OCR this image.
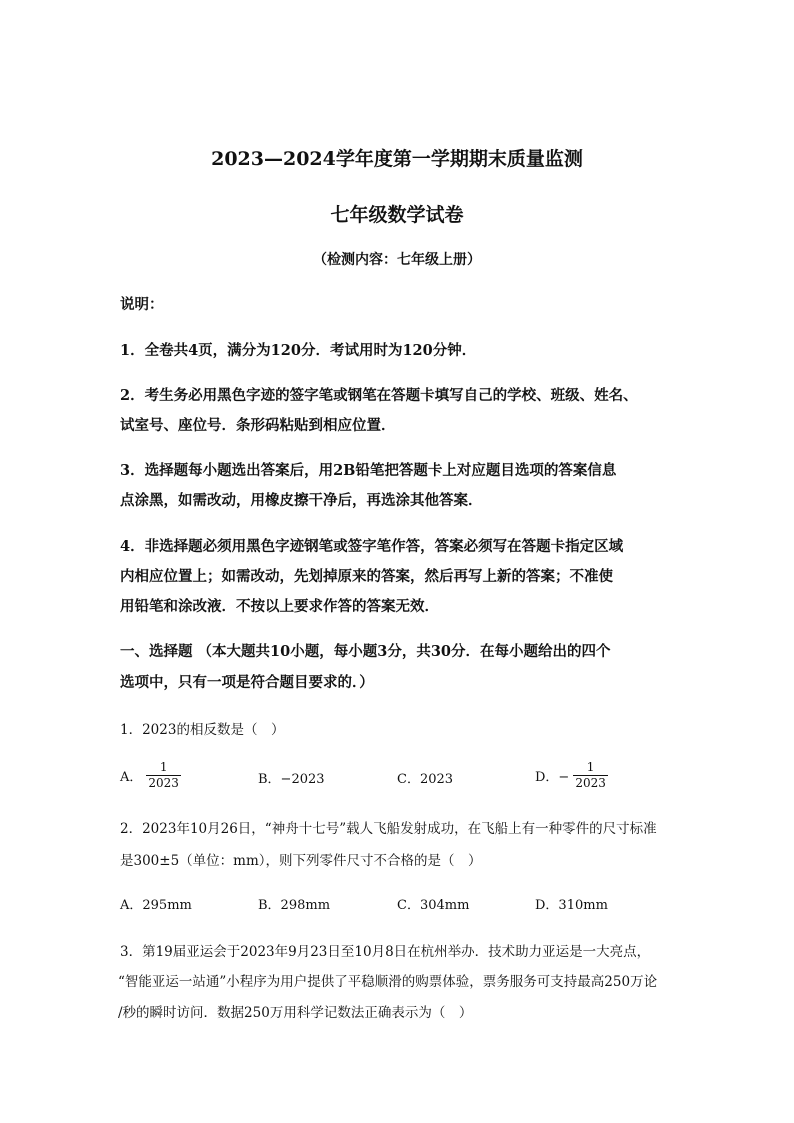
2023—2024学年度第一学期期末质量监测
七年级数学试卷
（检测内容：七年级上册）
说明：
1．全卷共4页，满分为120分．考试用时为120分钟．
2．考生务必用黑色字迹的签字笔或钢笔在答题卡填写自己的学校、班级、姓名、
试室号、座位号．条形码粘贴到相应位置．
3．选择题每小题选出答案后，用2B铅笔把答题卡上对应题目选项的答案信息
点涂黑，如需改动，用橡皮擦干净后，再选涂其他答案．
4．非选择题必须用黑色字迹钢笔或签字笔作答，答案必须写在答题卡指定区域
内相应位置上；如需改动，先划掉原来的答案，然后再写上新的答案；不准使
用铅笔和涂改液．不按以上要求作答的答案无效．
一、选择题 （本大题共10小题，每小题3分，共30分．在每小题给出的四个
选项中，只有一项是符合题目要求的．）
1．2023的相反数是（　）
A． $\frac{1}{2023}$	B．−2023	C．2023	D．− $\frac{1}{2023}$
2．2023年10月26日，“神舟十七号”载人飞船发射成功，在飞船上有一种零件的尺寸标准
是300±5（单位：mm），则下列零件尺寸不合格的是（　）
A．295mm	B．298mm	C．304mm	D．310mm
3．第19届亚运会于2023年9月23日至10月8日在杭州举办．技术助力亚运是一大亮点，
“智能亚运一站通”小程序为用户提供了平稳顺滑的购票体验，票务服务可支持最高250万论
/秒的瞬时访问．数据250万用科学记数法正确表示为（　）
